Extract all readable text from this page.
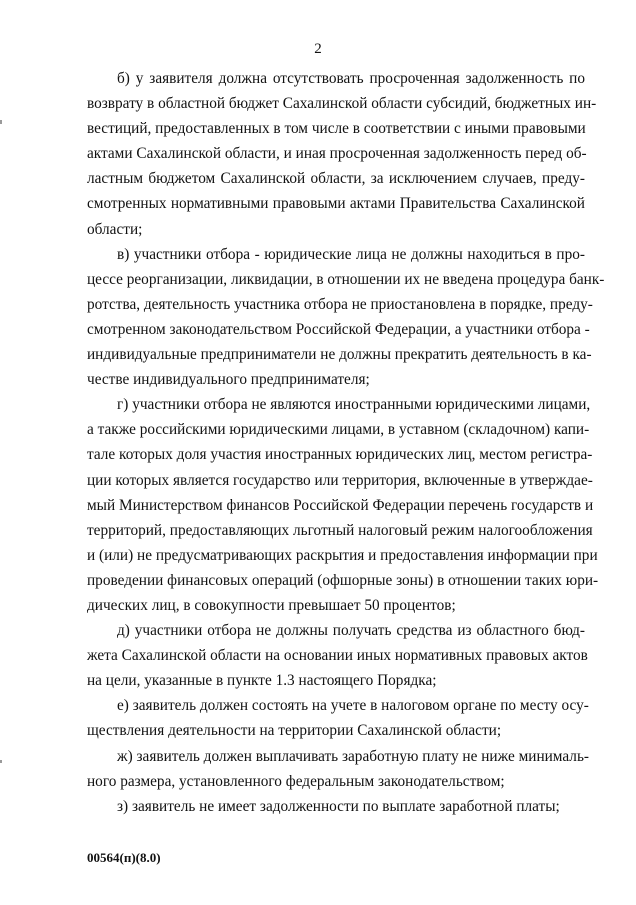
2
б) у заявителя должна отсутствовать просроченная задолженность по
возврату в областной бюджет Сахалинской области субсидий, бюджетных ин-
вестиций, предоставленных в том числе в соответствии с иными правовыми
актами Сахалинской области, и иная просроченная задолженность перед об-
ластным бюджетом Сахалинской области, за исключением случаев, преду-
смотренных нормативными правовыми актами Правительства Сахалинской
области;
в) участники отбора - юридические лица не должны находиться в про-
цессе реорганизации, ликвидации, в отношении их не введена процедура банк-
ротства, деятельность участника отбора не приостановлена в порядке, преду-
смотренном законодательством Российской Федерации, а участники отбора -
индивидуальные предприниматели не должны прекратить деятельность в ка-
честве индивидуального предпринимателя;
г) участники отбора не являются иностранными юридическими лицами,
а также российскими юридическими лицами, в уставном (складочном) капи-
тале которых доля участия иностранных юридических лиц, местом регистра-
ции которых является государство или территория, включенные в утверждае-
мый Министерством финансов Российской Федерации перечень государств и
территорий, предоставляющих льготный налоговый режим налогообложения
и (или) не предусматривающих раскрытия и предоставления информации при
проведении финансовых операций (офшорные зоны) в отношении таких юри-
дических лиц, в совокупности превышает 50 процентов;
д) участники отбора не должны получать средства из областного бюд-
жета Сахалинской области на основании иных нормативных правовых актов
на цели, указанные в пункте 1.3 настоящего Порядка;
е) заявитель должен состоять на учете в налоговом органе по месту осу-
ществления деятельности на территории Сахалинской области;
ж) заявитель должен выплачивать заработную плату не ниже минималь-
ного размера, установленного федеральным законодательством;
з) заявитель не имеет задолженности по выплате заработной платы;
00564(п)(8.0)
